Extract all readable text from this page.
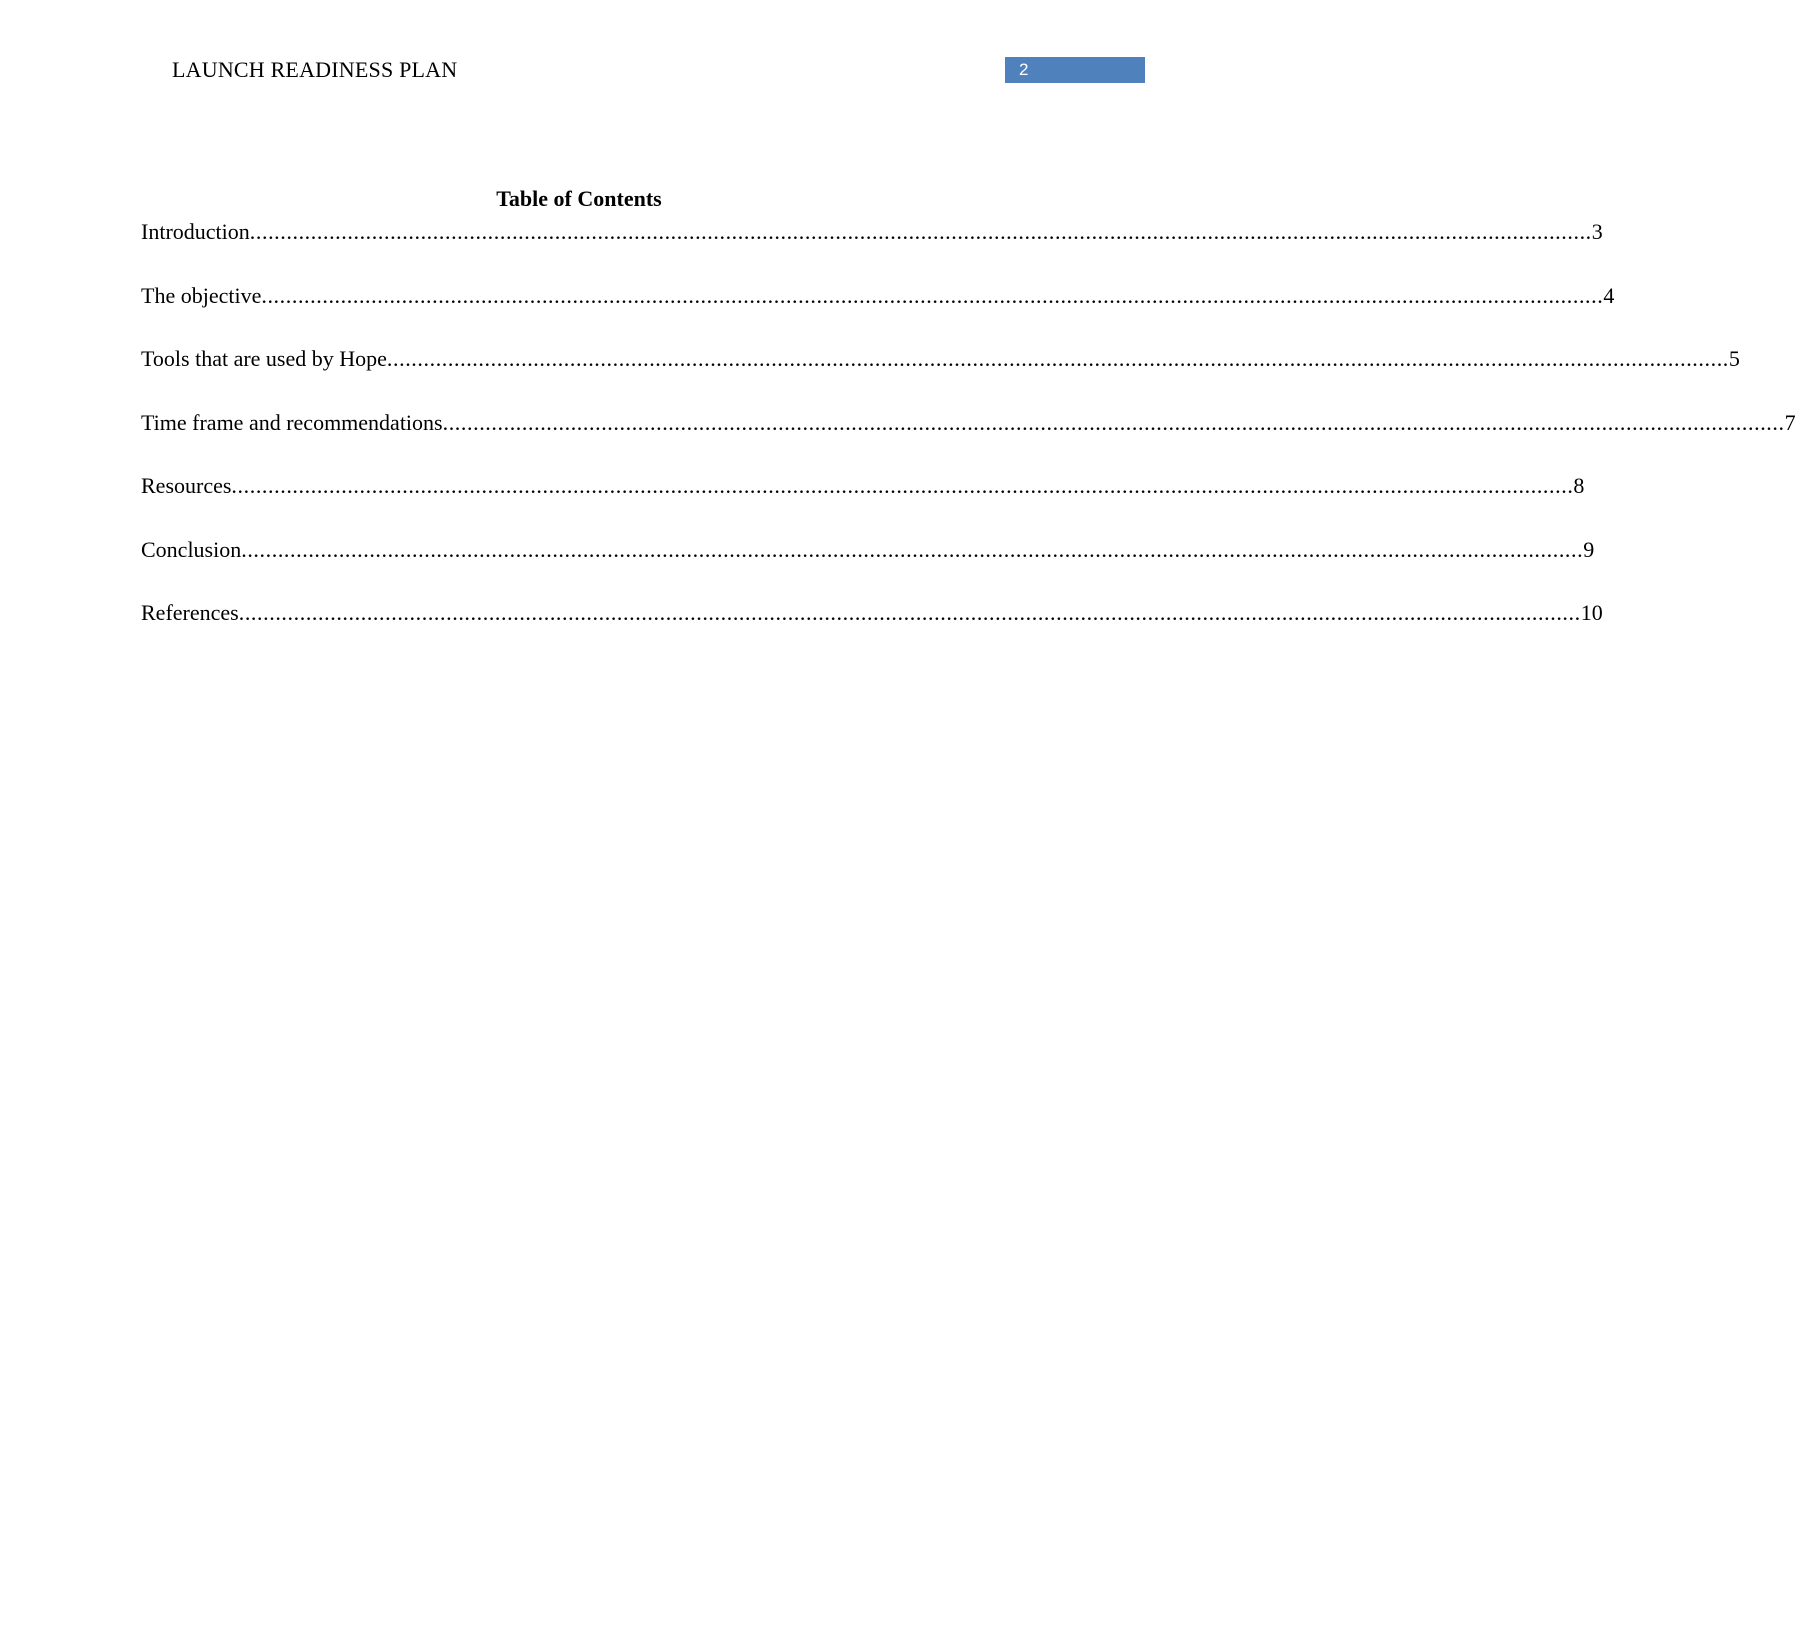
LAUNCH READINESS PLAN	2
Table of Contents
Introduction ............................................................................................................................................................................................................................ 3
The objective ............................................................................................................................................................................................................................ 4
Tools that are used by Hope ............................................................................................................................................................................................................................ 5
Time frame and recommendations ............................................................................................................................................................................................................................ 7
Resources ............................................................................................................................................................................................................................ 8
Conclusion ............................................................................................................................................................................................................................ 9
References ............................................................................................................................................................................................................................ 10
